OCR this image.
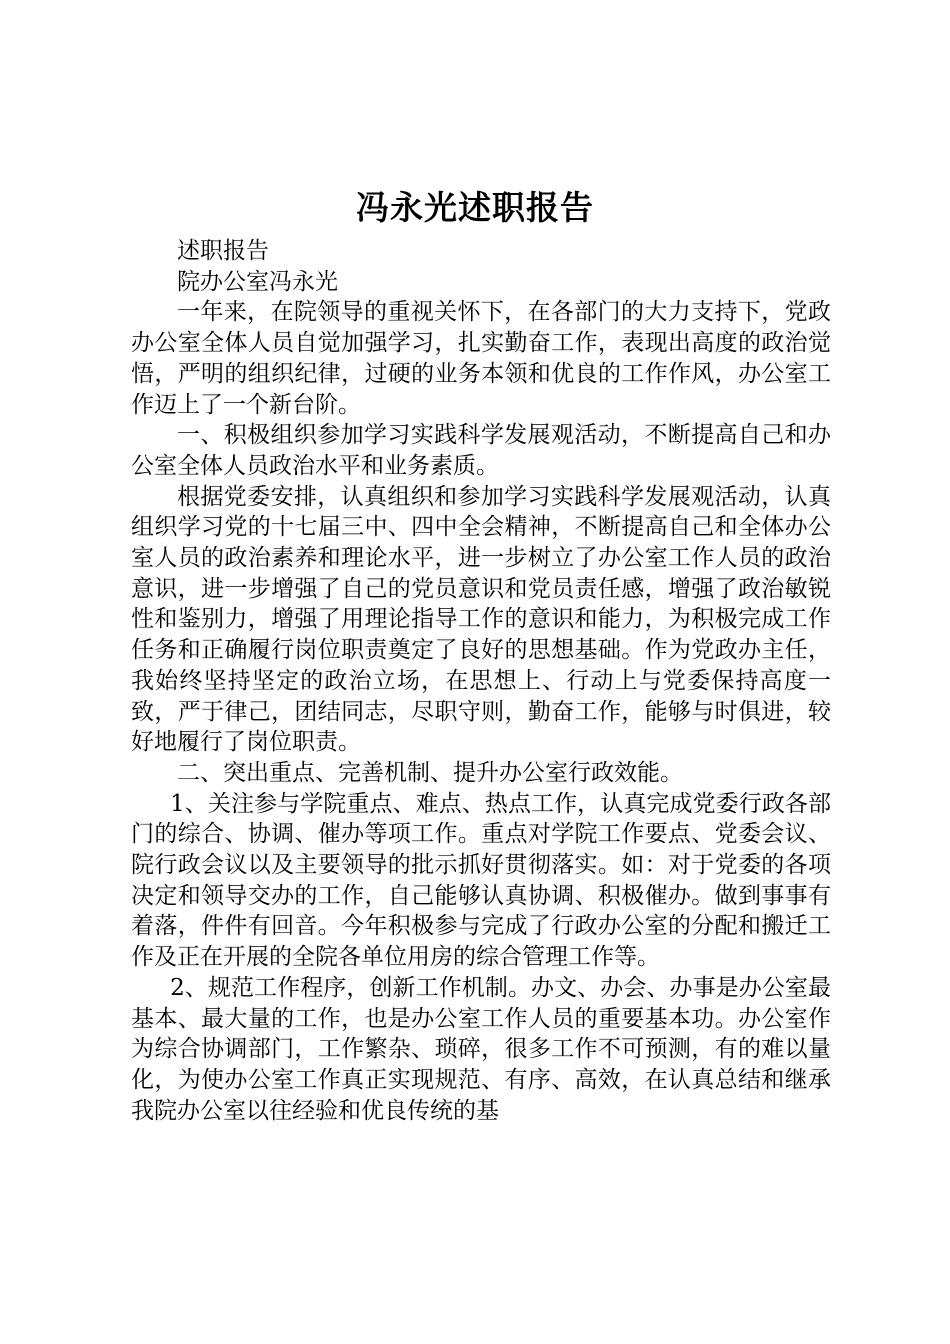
冯永光述职报告

述职报告

院办公室冯永光

一年来，在院领导的重视关怀下，在各部门的大力支持下，党政办公室全体人员自觉加强学习，扎实勤奋工作，表现出高度的政治觉悟，严明的组织纪律，过硬的业务本领和优良的工作作风，办公室工作迈上了一个新台阶。

一、积极组织参加学习实践科学发展观活动，不断提高自己和办公室全体人员政治水平和业务素质。

根据党委安排，认真组织和参加学习实践科学发展观活动，认真组织学习党的十七届三中、四中全会精神，不断提高自己和全体办公室人员的政治素养和理论水平，进一步树立了办公室工作人员的政治意识，进一步增强了自己的党员意识和党员责任感，增强了政治敏锐性和鉴别力，增强了用理论指导工作的意识和能力，为积极完成工作任务和正确履行岗位职责奠定了良好的思想基础。作为党政办主任，我始终坚持坚定的政治立场，在思想上、行动上与党委保持高度一致，严于律己，团结同志，尽职守则，勤奋工作，能够与时俱进，较好地履行了岗位职责。

二、突出重点、完善机制、提升办公室行政效能。

1、关注参与学院重点、难点、热点工作，认真完成党委行政各部门的综合、协调、催办等项工作。重点对学院工作要点、党委会议、院行政会议以及主要领导的批示抓好贯彻落实。如：对于党委的各项决定和领导交办的工作，自己能够认真协调、积极催办。做到事事有着落，件件有回音。今年积极参与完成了行政办公室的分配和搬迁工作及正在开展的全院各单位用房的综合管理工作等。

2、规范工作程序，创新工作机制。办文、办会、办事是办公室最基本、最大量的工作，也是办公室工作人员的重要基本功。办公室作为综合协调部门，工作繁杂、琐碎，很多工作不可预测，有的难以量化，为使办公室工作真正实现规范、有序、高效，在认真总结和继承我院办公室以往经验和优良传统的基
